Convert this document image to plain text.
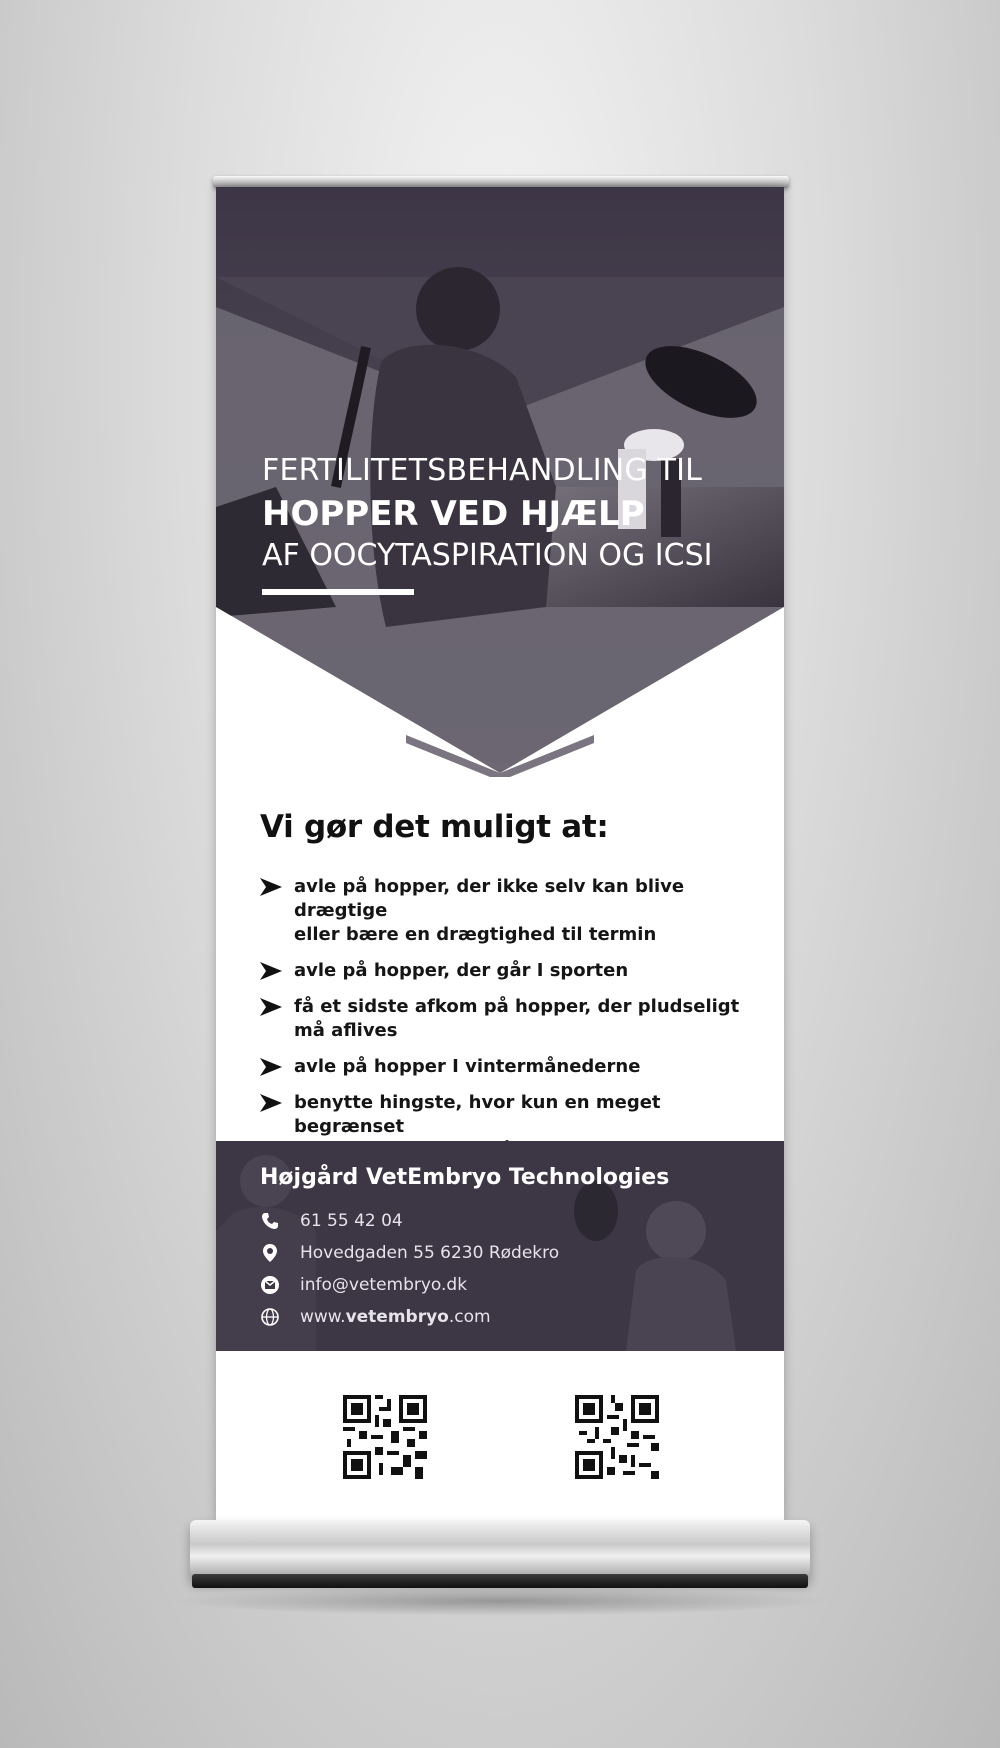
FERTILITETSBEHANDLING TIL
HOPPER VED HJÆLP
AF OOCYTASPIRATION OG ICSI
Vi gør det muligt at:
avle på hopper, der ikke selv kan blive drægtige
eller bære en drægtighed til termin
avle på hopper, der går I sporten
få et sidste afkom på hopper, der pludseligt
må aflives
avle på hopper I vintermånederne
benytte hingste, hvor kun en meget begrænset
Højgård VetEmbryo Technologies
61 55 42 04
Hovedgaden 55 6230 Rødekro
info@vetembryo.dk
www.vetembryo.com
